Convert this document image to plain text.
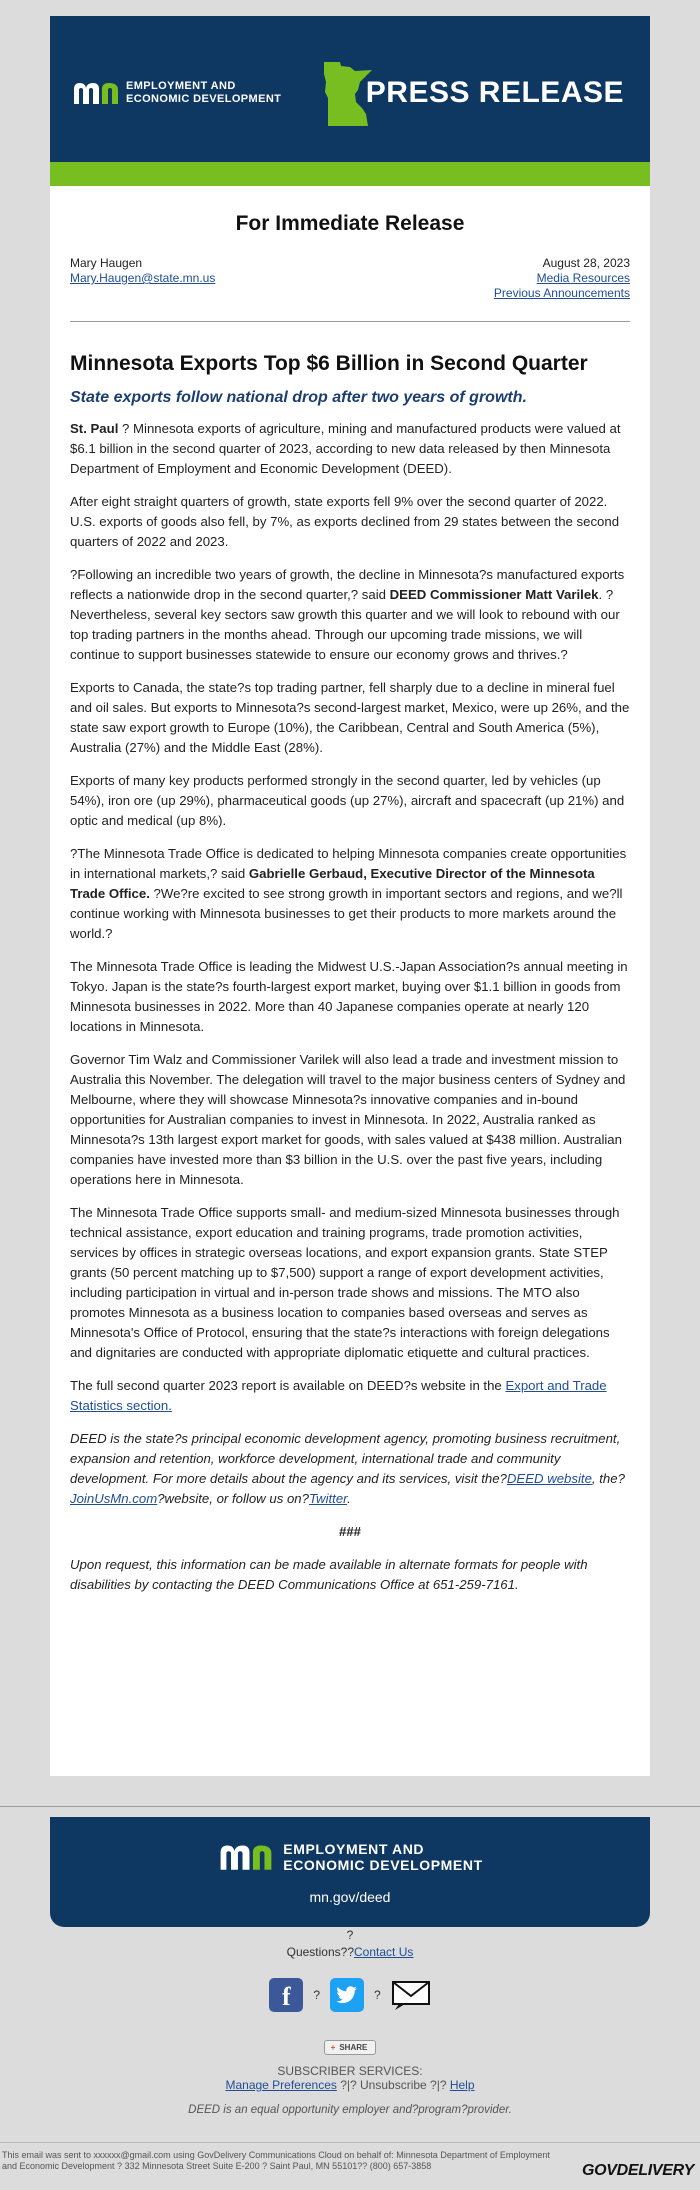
EMPLOYMENT AND
ECONOMIC DEVELOPMENT	PRESS RELEASE
For Immediate Release
Mary Haugen
Mary.Haugen@state.mn.us
August 28, 2023
Media Resources
Previous Announcements
Minnesota Exports Top $6 Billion in Second Quarter
State exports follow national drop after two years of growth.

St. Paul ? Minnesota exports of agriculture, mining and manufactured products were valued at $6.1 billion in the second quarter of 2023, according to new data released by then Minnesota Department of Employment and Economic Development (DEED).

After eight straight quarters of growth, state exports fell 9% over the second quarter of 2022. U.S. exports of goods also fell, by 7%, as exports declined from 29 states between the second quarters of 2022 and 2023.

?Following an incredible two years of growth, the decline in Minnesota?s manufactured exports reflects a nationwide drop in the second quarter,? said DEED Commissioner Matt Varilek. ?Nevertheless, several key sectors saw growth this quarter and we will look to rebound with our top trading partners in the months ahead. Through our upcoming trade missions, we will continue to support businesses statewide to ensure our economy grows and thrives.?

Exports to Canada, the state?s top trading partner, fell sharply due to a decline in mineral fuel and oil sales. But exports to Minnesota?s second-largest market, Mexico, were up 26%, and the state saw export growth to Europe (10%), the Caribbean, Central and South America (5%), Australia (27%) and the Middle East (28%).

Exports of many key products performed strongly in the second quarter, led by vehicles (up 54%), iron ore (up 29%), pharmaceutical goods (up 27%), aircraft and spacecraft (up 21%) and optic and medical (up 8%).

?The Minnesota Trade Office is dedicated to helping Minnesota companies create opportunities in international markets,? said Gabrielle Gerbaud, Executive Director of the Minnesota Trade Office. ?We?re excited to see strong growth in important sectors and regions, and we?ll continue working with Minnesota businesses to get their products to more markets around the world.?

The Minnesota Trade Office is leading the Midwest U.S.-Japan Association?s annual meeting in Tokyo. Japan is the state?s fourth-largest export market, buying over $1.1 billion in goods from Minnesota businesses in 2022. More than 40 Japanese companies operate at nearly 120 locations in Minnesota.

Governor Tim Walz and Commissioner Varilek will also lead a trade and investment mission to Australia this November. The delegation will travel to the major business centers of Sydney and Melbourne, where they will showcase Minnesota?s innovative companies and in-bound opportunities for Australian companies to invest in Minnesota. In 2022, Australia ranked as Minnesota?s 13th largest export market for goods, with sales valued at $438 million. Australian companies have invested more than $3 billion in the U.S. over the past five years, including operations here in Minnesota.

The Minnesota Trade Office supports small- and medium-sized Minnesota businesses through technical assistance, export education and training programs, trade promotion activities, services by offices in strategic overseas locations, and export expansion grants. State STEP grants (50 percent matching up to $7,500) support a range of export development activities, including participation in virtual and in-person trade shows and missions. The MTO also promotes Minnesota as a business location to companies based overseas and serves as Minnesota's Office of Protocol, ensuring that the state?s interactions with foreign delegations and dignitaries are conducted with appropriate diplomatic etiquette and cultural practices.

The full second quarter 2023 report is available on DEED?s website in the Export and Trade Statistics section.

DEED is the state?s principal economic development agency, promoting business recruitment, expansion and retention, workforce development, international trade and community development. For more details about the agency and its services, visit the?DEED website, the?JoinUsMn.com?website, or follow us on?Twitter.

###

Upon request, this information can be made available in alternate formats for people with disabilities by contacting the DEED Communications Office at 651-259-7161.

EMPLOYMENT AND
ECONOMIC DEVELOPMENT
mn.gov/deed
?
Questions??Contact Us
f	?	?
+ SHARE
SUBSCRIBER SERVICES:
Manage Preferences ?|? Unsubscribe ?|? Help
DEED is an equal opportunity employer and?program?provider.
This email was sent to xxxxxx@gmail.com using GovDelivery Communications Cloud on behalf of: Minnesota Department of Employment and Economic Development ? 332 Minnesota Street Suite E-200 ? Saint Paul, MN 55101?? (800) 657-3858	GOVDELIVERY
